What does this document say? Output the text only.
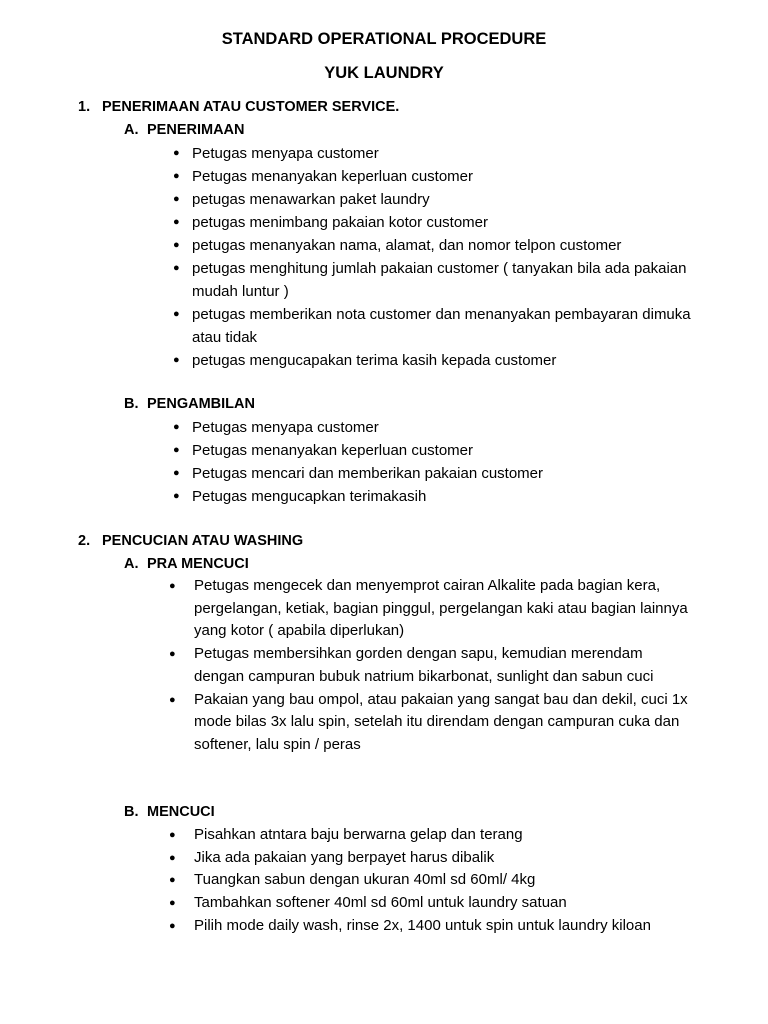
STANDARD OPERATIONAL PROCEDURE
YUK LAUNDRY
1. PENERIMAAN ATAU CUSTOMER SERVICE.
A. PENERIMAAN
● Petugas menyapa customer
● Petugas menanyakan keperluan customer
● petugas menawarkan paket laundry
● petugas menimbang pakaian kotor customer
● petugas menanyakan nama, alamat, dan nomor telpon customer
● petugas menghitung jumlah pakaian customer ( tanyakan bila ada pakaian mudah luntur )
● petugas memberikan nota customer dan menanyakan pembayaran dimuka atau tidak
● petugas mengucapakan terima kasih kepada customer
B. PENGAMBILAN
● Petugas menyapa customer
● Petugas menanyakan keperluan customer
● Petugas mencari dan memberikan pakaian customer
● Petugas mengucapkan terimakasih
2. PENCUCIAN ATAU WASHING
A. PRA MENCUCI
● Petugas mengecek dan menyemprot cairan Alkalite pada bagian kera, pergelangan, ketiak, bagian pinggul, pergelangan kaki atau bagian lainnya yang kotor ( apabila diperlukan)
● Petugas membersihkan gorden dengan sapu, kemudian merendam dengan campuran bubuk natrium bikarbonat, sunlight dan sabun cuci
● Pakaian yang bau ompol, atau pakaian yang sangat bau dan dekil, cuci 1x mode bilas 3x lalu spin, setelah itu direndam dengan campuran cuka dan softener, lalu spin / peras
B. MENCUCI
● Pisahkan atntara baju berwarna gelap dan terang
● Jika ada pakaian yang berpayet harus dibalik
● Tuangkan sabun dengan ukuran 40ml sd 60ml/ 4kg
● Tambahkan softener 40ml sd 60ml untuk laundry satuan
● Pilih mode daily wash, rinse 2x, 1400 untuk spin untuk laundry kiloan
